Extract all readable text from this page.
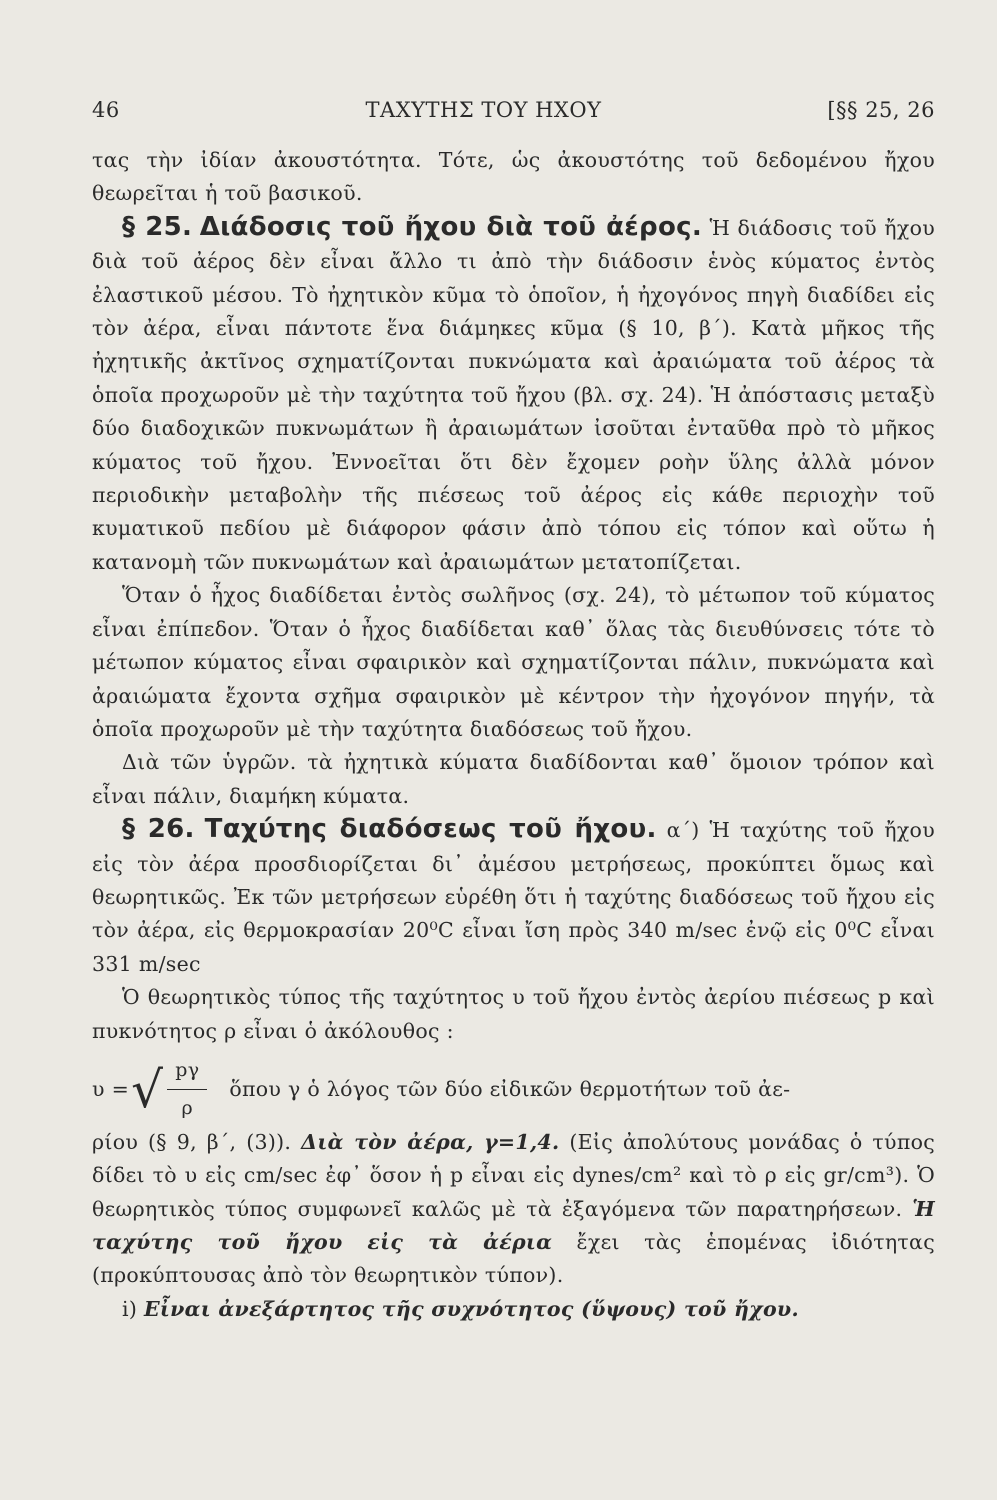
46	ΤΑΧΥΤΗΣ ΤΟΥ ΗΧΟΥ	[§§ 25, 26

τας τὴν ἰδίαν ἀκουστότητα. Τότε, ὡς ἀκουστότης τοῦ δεδομένου ἤχου θεωρεῖται ἡ τοῦ βασικοῦ.

§ 25. Διάδοσις τοῦ ἤχου διὰ τοῦ ἀέρος. Ἡ διάδοσις τοῦ ἤχου διὰ τοῦ ἀέρος δὲν εἶναι ἄλλο τι ἀπὸ τὴν διάδοσιν ἑνὸς κύματος ἐντὸς ἐλαστικοῦ μέσου. Τὸ ἠχητικὸν κῦμα τὸ ὁποῖον, ἡ ἠχογόνος πηγὴ διαδίδει εἰς τὸν ἀέρα, εἶναι πάντοτε ἕνα διάμηκες κῦμα (§ 10, β΄). Κατὰ μῆκος τῆς ἠχητικῆς ἀκτῖνος σχηματίζονται πυκνώματα καὶ ἀραιώματα τοῦ ἀέρος τὰ ὁποῖα προχωροῦν μὲ τὴν ταχύτητα τοῦ ἤχου (βλ. σχ. 24). Ἡ ἀπόστασις μεταξὺ δύο διαδοχικῶν πυκνωμάτων ἢ ἀραιωμάτων ἰσοῦται ἐνταῦθα πρὸ τὸ μῆκος κύματος τοῦ ἤχου. Ἐννοεῖται ὅτι δὲν ἔχομεν ροὴν ὕλης ἀλλὰ μόνον περιοδικὴν μεταβολὴν τῆς πιέσεως τοῦ ἀέρος εἰς κάθε περιοχὴν τοῦ κυματικοῦ πεδίου μὲ διάφορον φάσιν ἀπὸ τόπου εἰς τόπον καὶ οὕτω ἡ κατανομὴ τῶν πυκνωμάτων καὶ ἀραιωμάτων μετατοπίζεται.

Ὅταν ὁ ἦχος διαδίδεται ἐντὸς σωλῆνος (σχ. 24), τὸ μέτωπον τοῦ κύματος εἶναι ἐπίπεδον. Ὅταν ὁ ἦχος διαδίδεται καθ᾿ ὅλας τὰς διευθύνσεις τότε τὸ μέτωπον κύματος εἶναι σφαιρικὸν καὶ σχηματίζονται πάλιν, πυκνώματα καὶ ἀραιώματα ἔχοντα σχῆμα σφαιρικὸν μὲ κέντρον τὴν ἠχογόνον πηγήν, τὰ ὁποῖα προχωροῦν μὲ τὴν ταχύτητα διαδόσεως τοῦ ἤχου.

Διὰ τῶν ὑγρῶν. τὰ ἠχητικὰ κύματα διαδίδονται καθ᾿ ὅμοιον τρόπον καὶ εἶναι πάλιν, διαμήκη κύματα.

§ 26. Ταχύτης διαδόσεως τοῦ ἤχου. α΄) Ἡ ταχύτης τοῦ ἤχου εἰς τὸν ἀέρα προσδιορίζεται δι᾿ ἀμέσου μετρήσεως, προκύπτει ὅμως καὶ θεωρητικῶς. Ἐκ τῶν μετρήσεων εὑρέθη ὅτι ἡ ταχύτης διαδόσεως τοῦ ἤχου εἰς τὸν ἀέρα, εἰς θερμοκρασίαν 20⁰C εἶναι ἴση πρὸς 340 m/sec ἐνῷ εἰς 0⁰C εἶναι 331 m/sec

Ὁ θεωρητικὸς τύπος τῆς ταχύτητος υ τοῦ ἤχου ἐντὸς ἀερίου πιέσεως p καὶ πυκνότητος ρ εἶναι ὁ ἀκόλουθος :

υ = √ $\frac{p\gamma}{\rho}$ ὅπου γ ὁ λόγος τῶν δύο εἰδικῶν θερμοτήτων τοῦ ἀε-

ρίου (§ 9, β΄, (3)). Διὰ τὸν ἀέρα, γ=1,4. (Εἰς ἀπολύτους μονάδας ὁ τύπος δίδει τὸ υ εἰς cm/sec ἐφ᾿ ὅσον ἡ p εἶναι εἰς dynes/cm² καὶ τὸ ρ εἰς gr/cm³). Ὁ θεωρητικὸς τύπος συμφωνεῖ καλῶς μὲ τὰ ἐξαγόμενα τῶν παρατηρήσεων. Ἡ ταχύτης τοῦ ἤχου εἰς τὰ ἀέρια ἔχει τὰς ἑπομένας ἰδιότητας (προκύπτουσας ἀπὸ τὸν θεωρητικὸν τύπον).

i) Εἶναι ἀνεξάρτητος τῆς συχνότητος (ὕψους) τοῦ ἤχου.
